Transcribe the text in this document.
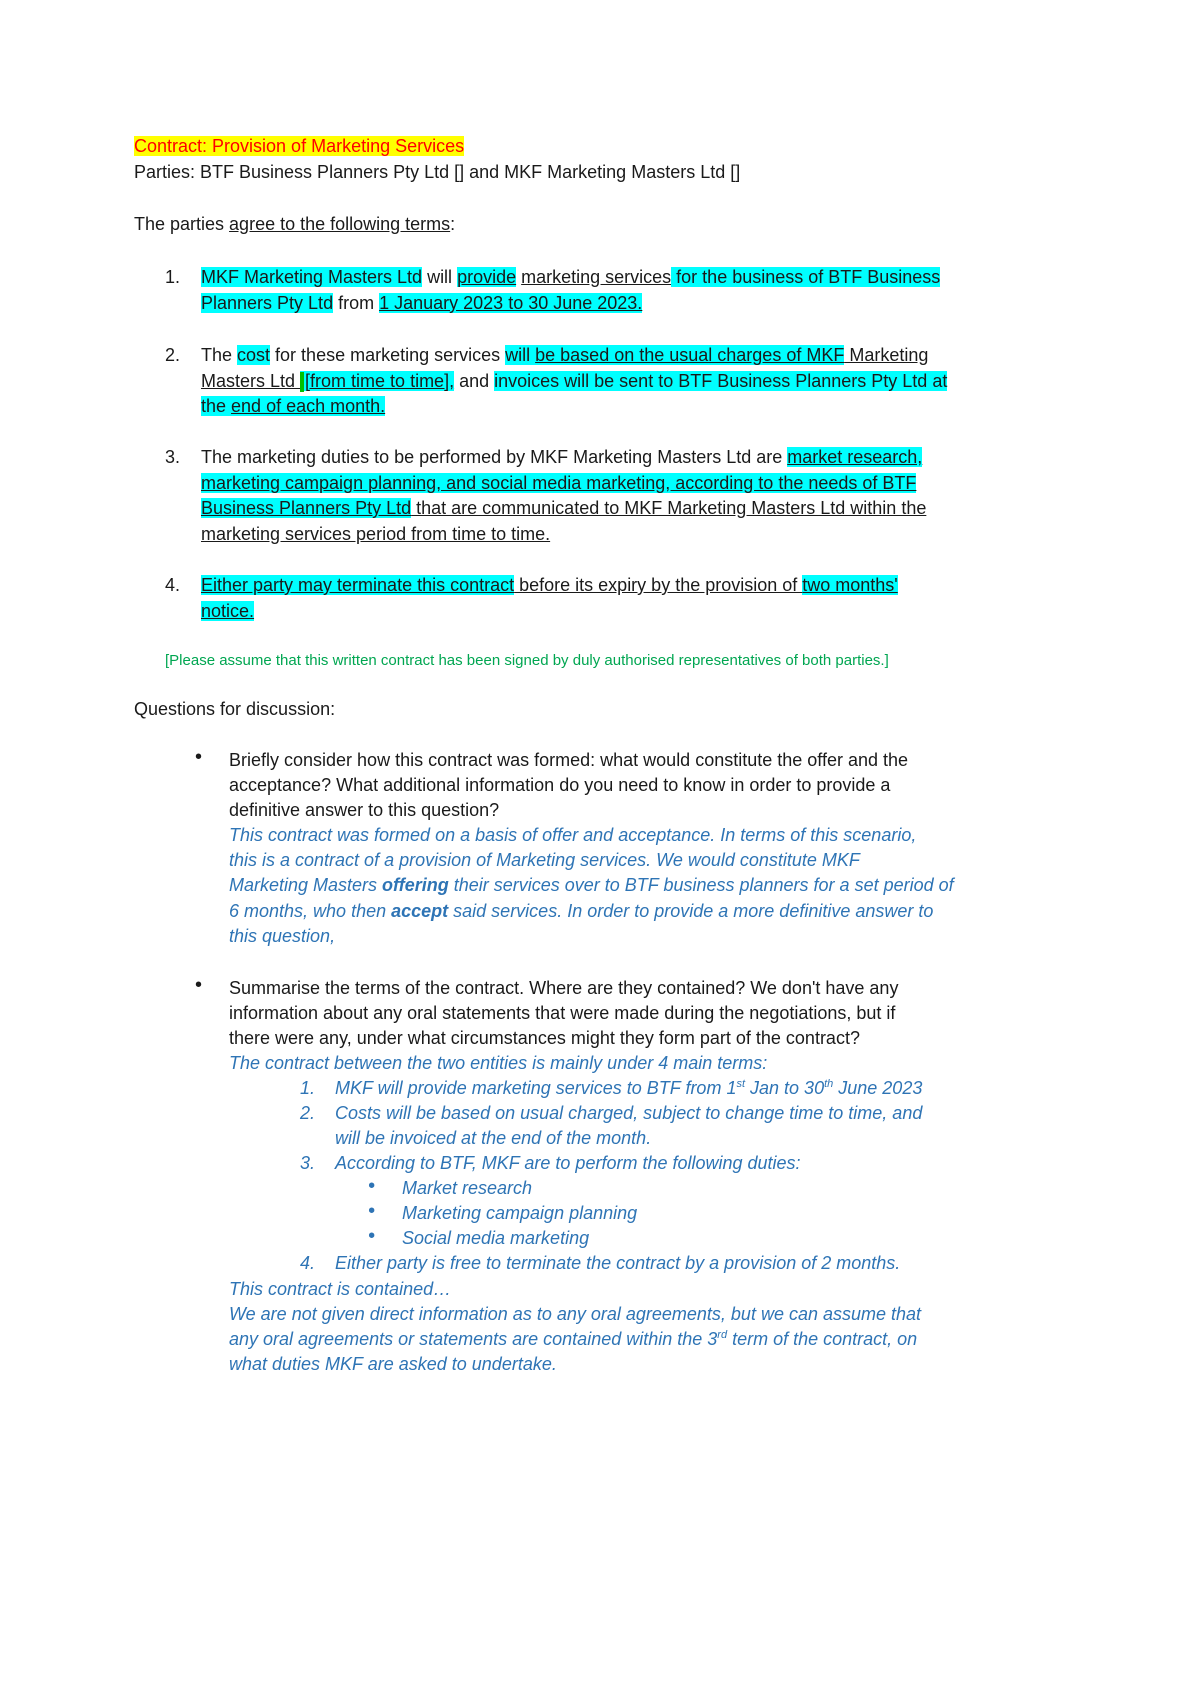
Contract: Provision of Marketing Services
Parties: BTF Business Planners Pty Ltd [] and MKF Marketing Masters Ltd []
The parties agree to the following terms:
1. MKF Marketing Masters Ltd will provide marketing services for the business of BTF Business
Planners Pty Ltd from 1 January 2023 to 30 June 2023.
2. The cost for these marketing services will be based on the usual charges of MKF Marketing
Masters Ltd [from time to time], and invoices will be sent to BTF Business Planners Pty Ltd at
the end of each month.
3. The marketing duties to be performed by MKF Marketing Masters Ltd are market research,
marketing campaign planning, and social media marketing, according to the needs of BTF
Business Planners Pty Ltd that are communicated to MKF Marketing Masters Ltd within the
marketing services period from time to time.
4. Either party may terminate this contract before its expiry by the provision of two months'
notice.
[Please assume that this written contract has been signed by duly authorised representatives of both parties.]
Questions for discussion:
• Briefly consider how this contract was formed: what would constitute the offer and the
acceptance? What additional information do you need to know in order to provide a
definitive answer to this question?
This contract was formed on a basis of offer and acceptance. In terms of this scenario,
this is a contract of a provision of Marketing services. We would constitute MKF
Marketing Masters offering their services over to BTF business planners for a set period of
6 months, who then accept said services. In order to provide a more definitive answer to
this question,
• Summarise the terms of the contract. Where are they contained? We don't have any
information about any oral statements that were made during the negotiations, but if
there were any, under what circumstances might they form part of the contract?
The contract between the two entities is mainly under 4 main terms:
1. MKF will provide marketing services to BTF from 1st Jan to 30th June 2023
2. Costs will be based on usual charged, subject to change time to time, and
will be invoiced at the end of the month.
3. According to BTF, MKF are to perform the following duties:
4. Either party is free to terminate the contract by a provision of 2 months.
• Market research
• Marketing campaign planning
• Social media marketing
This contract is contained…
We are not given direct information as to any oral agreements, but we can assume that
any oral agreements or statements are contained within the 3rd term of the contract, on
what duties MKF are asked to undertake.
